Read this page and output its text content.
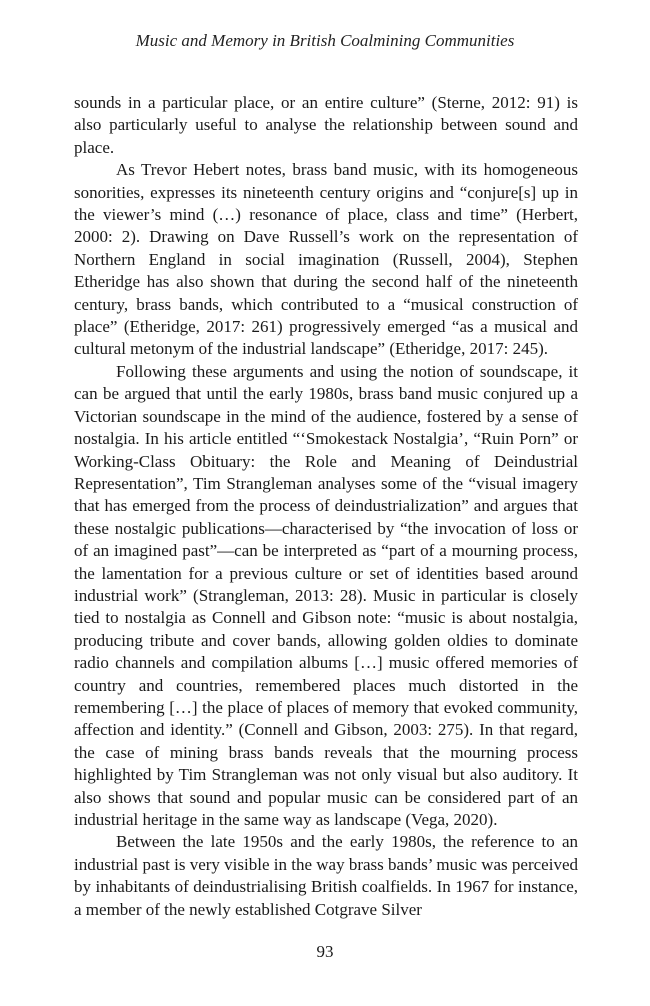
Music and Memory in British Coalmining Communities

sounds in a particular place, or an entire culture” (Sterne, 2012: 91) is also particularly useful to analyse the relationship between sound and place.

As Trevor Hebert notes, brass band music, with its homogeneous sonorities, expresses its nineteenth century origins and “conjure[s] up in the viewer’s mind (…) resonance of place, class and time” (Herbert, 2000: 2). Drawing on Dave Russell’s work on the representation of Northern England in social imagination (Russell, 2004), Stephen Etheridge has also shown that during the second half of the nineteenth century, brass bands, which contributed to a “musical construction of place” (Etheridge, 2017: 261) progressively emerged “as a musical and cultural metonym of the industrial landscape” (Etheridge, 2017: 245).

Following these arguments and using the notion of soundscape, it can be argued that until the early 1980s, brass band music conjured up a Victorian soundscape in the mind of the audience, fostered by a sense of nostalgia. In his article entitled “‘Smokestack Nostalgia’, “Ruin Porn” or Working-Class Obituary: the Role and Meaning of Deindustrial Representation”, Tim Strangleman analyses some of the “visual imagery that has emerged from the process of deindustrialization” and argues that these nostalgic publications—characterised by “the invocation of loss or of an imagined past”—can be interpreted as “part of a mourning process, the lamentation for a previous culture or set of identities based around industrial work” (Strangleman, 2013: 28). Music in particular is closely tied to nostalgia as Connell and Gibson note: “music is about nostalgia, producing tribute and cover bands, allowing golden oldies to dominate radio channels and compilation albums […] music offered memories of country and countries, remembered places much distorted in the remembering […] the place of places of memory that evoked community, affection and identity.” (Connell and Gibson, 2003: 275). In that regard, the case of mining brass bands reveals that the mourning process highlighted by Tim Strangleman was not only visual but also auditory. It also shows that sound and popular music can be considered part of an industrial heritage in the same way as landscape (Vega, 2020).

Between the late 1950s and the early 1980s, the reference to an industrial past is very visible in the way brass bands’ music was perceived by inhabitants of deindustrialising British coalfields. In 1967 for instance, a member of the newly established Cotgrave Silver

93
